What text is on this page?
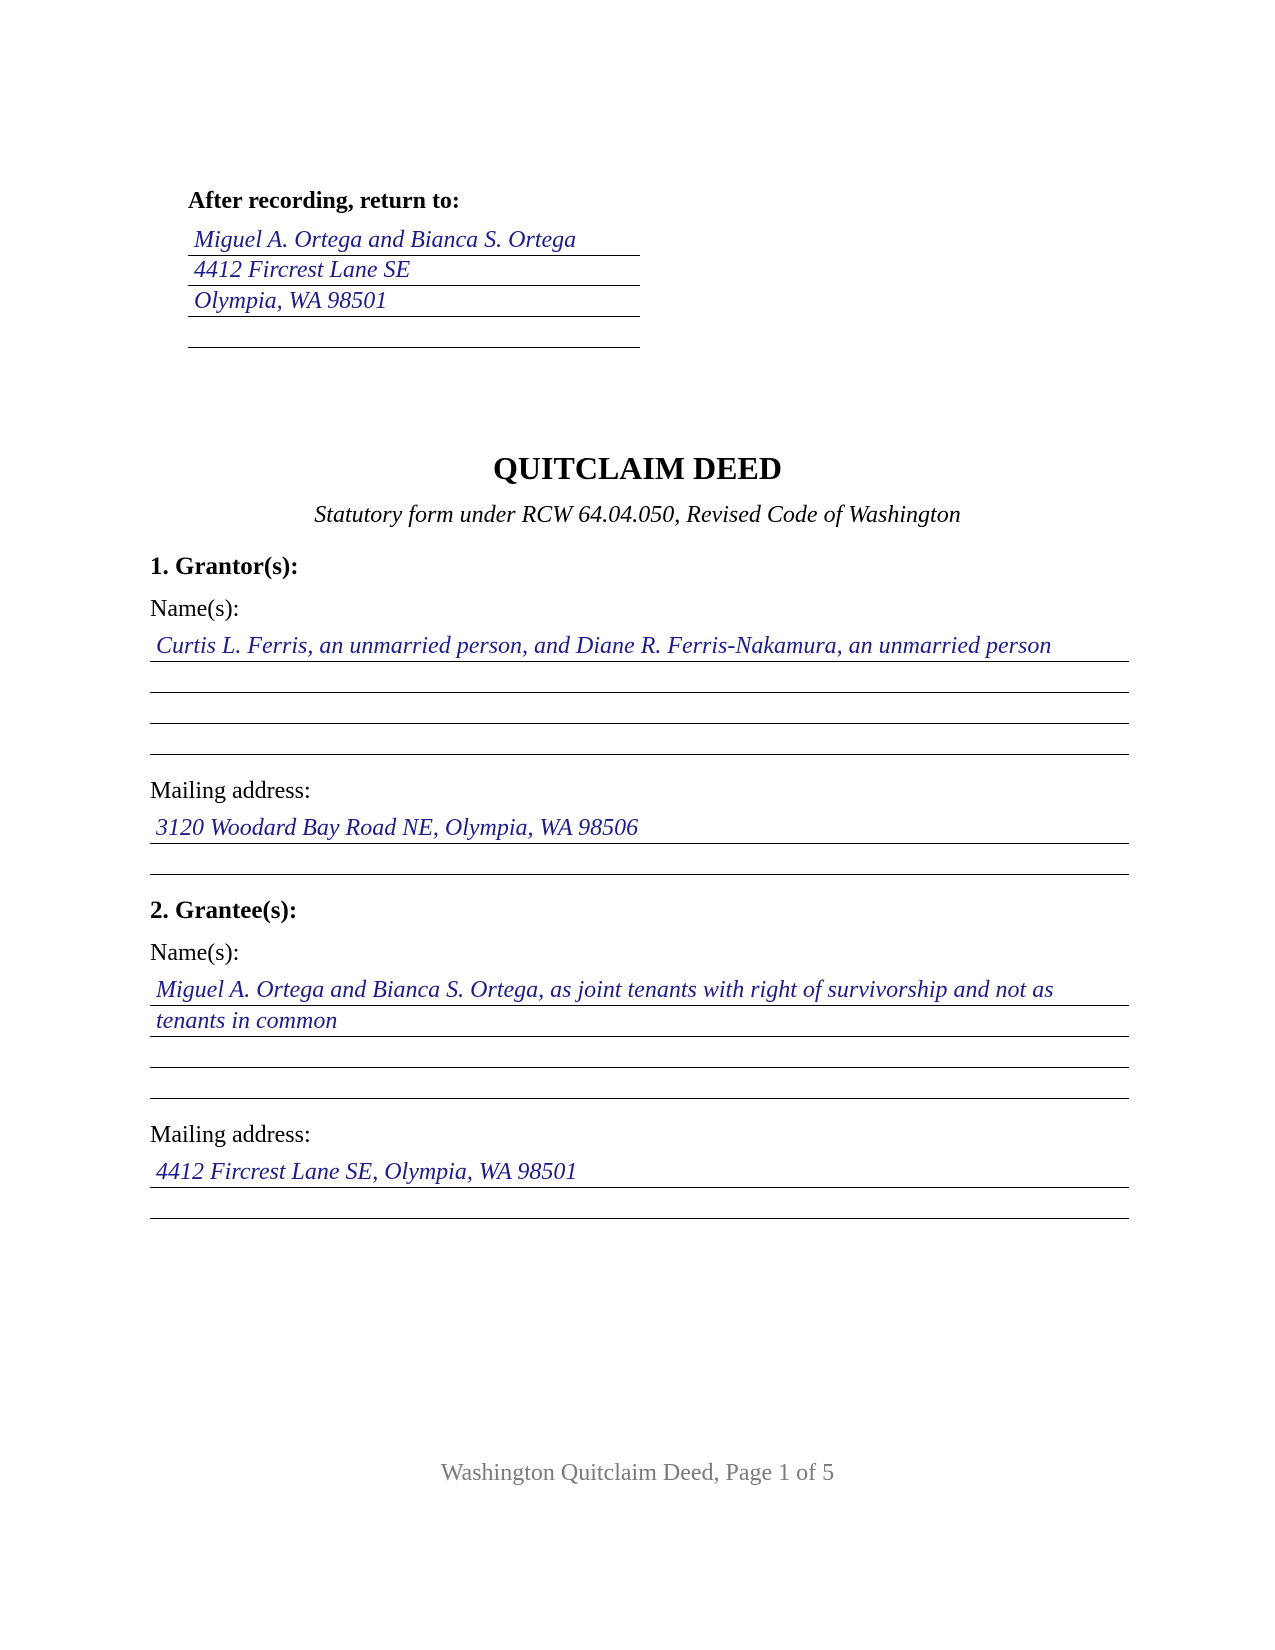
After recording, return to:
Miguel A. Ortega and Bianca S. Ortega
4412 Fircrest Lane SE
Olympia, WA 98501
QUITCLAIM DEED
Statutory form under RCW 64.04.050, Revised Code of Washington
1. Grantor(s):
Name(s):
Curtis L. Ferris, an unmarried person, and Diane R. Ferris-Nakamura, an unmarried person
Mailing address:
3120 Woodard Bay Road NE, Olympia, WA 98506
2. Grantee(s):
Name(s):
Miguel A. Ortega and Bianca S. Ortega, as joint tenants with right of survivorship and not as
tenants in common
Mailing address:
4412 Fircrest Lane SE, Olympia, WA 98501
Washington Quitclaim Deed, Page 1 of 5
